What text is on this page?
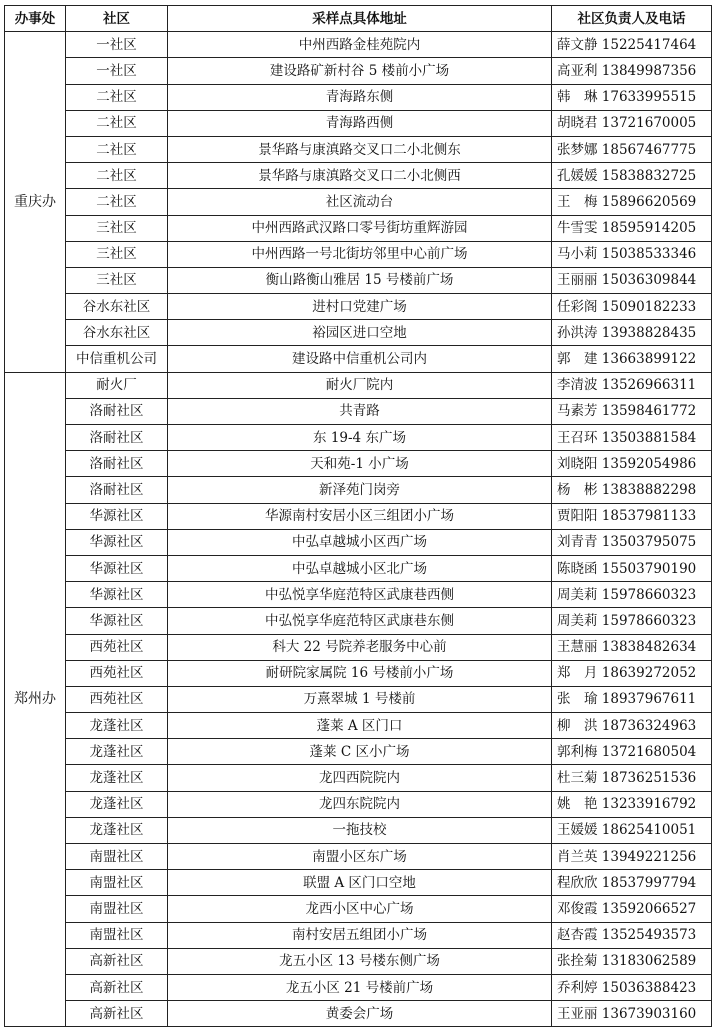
办事处	社区	采样点具体地址	社区负责人及电话
重庆办	一社区	中州西路金桂苑院内	薛文静 15225417464
	一社区	建设路矿新村谷 5 楼前小广场	高亚利 13849987356
	二社区	青海路东侧	韩　琳 17633995515
	二社区	青海路西侧	胡晓君 13721670005
	二社区	景华路与康滇路交叉口二小北侧东	张梦娜 18567467775
	二社区	景华路与康滇路交叉口二小北侧西	孔媛媛 15838832725
	二社区	社区流动台	王　梅 15896620569
	三社区	中州西路武汉路口零号街坊重辉游园	牛雪雯 18595914205
	三社区	中州西路一号北街坊邻里中心前广场	马小莉 15038533346
	三社区	衡山路衡山雅居 15 号楼前广场	王丽丽 15036309844
	谷水东社区	进村口党建广场	任彩阁 15090182233
	谷水东社区	裕园区进口空地	孙洪涛 13938828435
	中信重机公司	建设路中信重机公司内	郭　建 13663899122
郑州办	耐火厂	耐火厂院内	李清波 13526966311
	洛耐社区	共青路	马素芳 13598461772
	洛耐社区	东 19-4 东广场	王召环 13503881584
	洛耐社区	天和苑-1 小广场	刘晓阳 13592054986
	洛耐社区	新泽苑门岗旁	杨　彬 13838882298
	华源社区	华源南村安居小区三组团小广场	贾阳阳 18537981133
	华源社区	中弘卓越城小区西广场	刘青青 13503795075
	华源社区	中弘卓越城小区北广场	陈晓函 15503790190
	华源社区	中弘悦享华庭范特区武康巷西侧	周美莉 15978660323
	华源社区	中弘悦享华庭范特区武康巷东侧	周美莉 15978660323
	西苑社区	科大 22 号院养老服务中心前	王慧丽 13838482634
	西苑社区	耐研院家属院 16 号楼前小广场	郑　月 18639272052
	西苑社区	万熹翠城 1 号楼前	张　瑜 18937967611
	龙蓬社区	蓬莱 A 区门口	柳　洪 18736324963
	龙蓬社区	蓬莱 C 区小广场	郭利梅 13721680504
	龙蓬社区	龙四西院院内	杜三菊 18736251536
	龙蓬社区	龙四东院院内	姚　艳 13233916792
	龙蓬社区	一拖技校	王媛媛 18625410051
	南盟社区	南盟小区东广场	肖兰英 13949221256
	南盟社区	联盟 A 区门口空地	程欣欣 18537997794
	南盟社区	龙西小区中心广场	邓俊霞 13592066527
	南盟社区	南村安居五组团小广场	赵杏霞 13525493573
	高新社区	龙五小区 13 号楼东侧广场	张拴菊 13183062589
	高新社区	龙五小区 21 号楼前广场	乔利婷 15036388423
	高新社区	黄委会广场	王亚丽 13673903160
